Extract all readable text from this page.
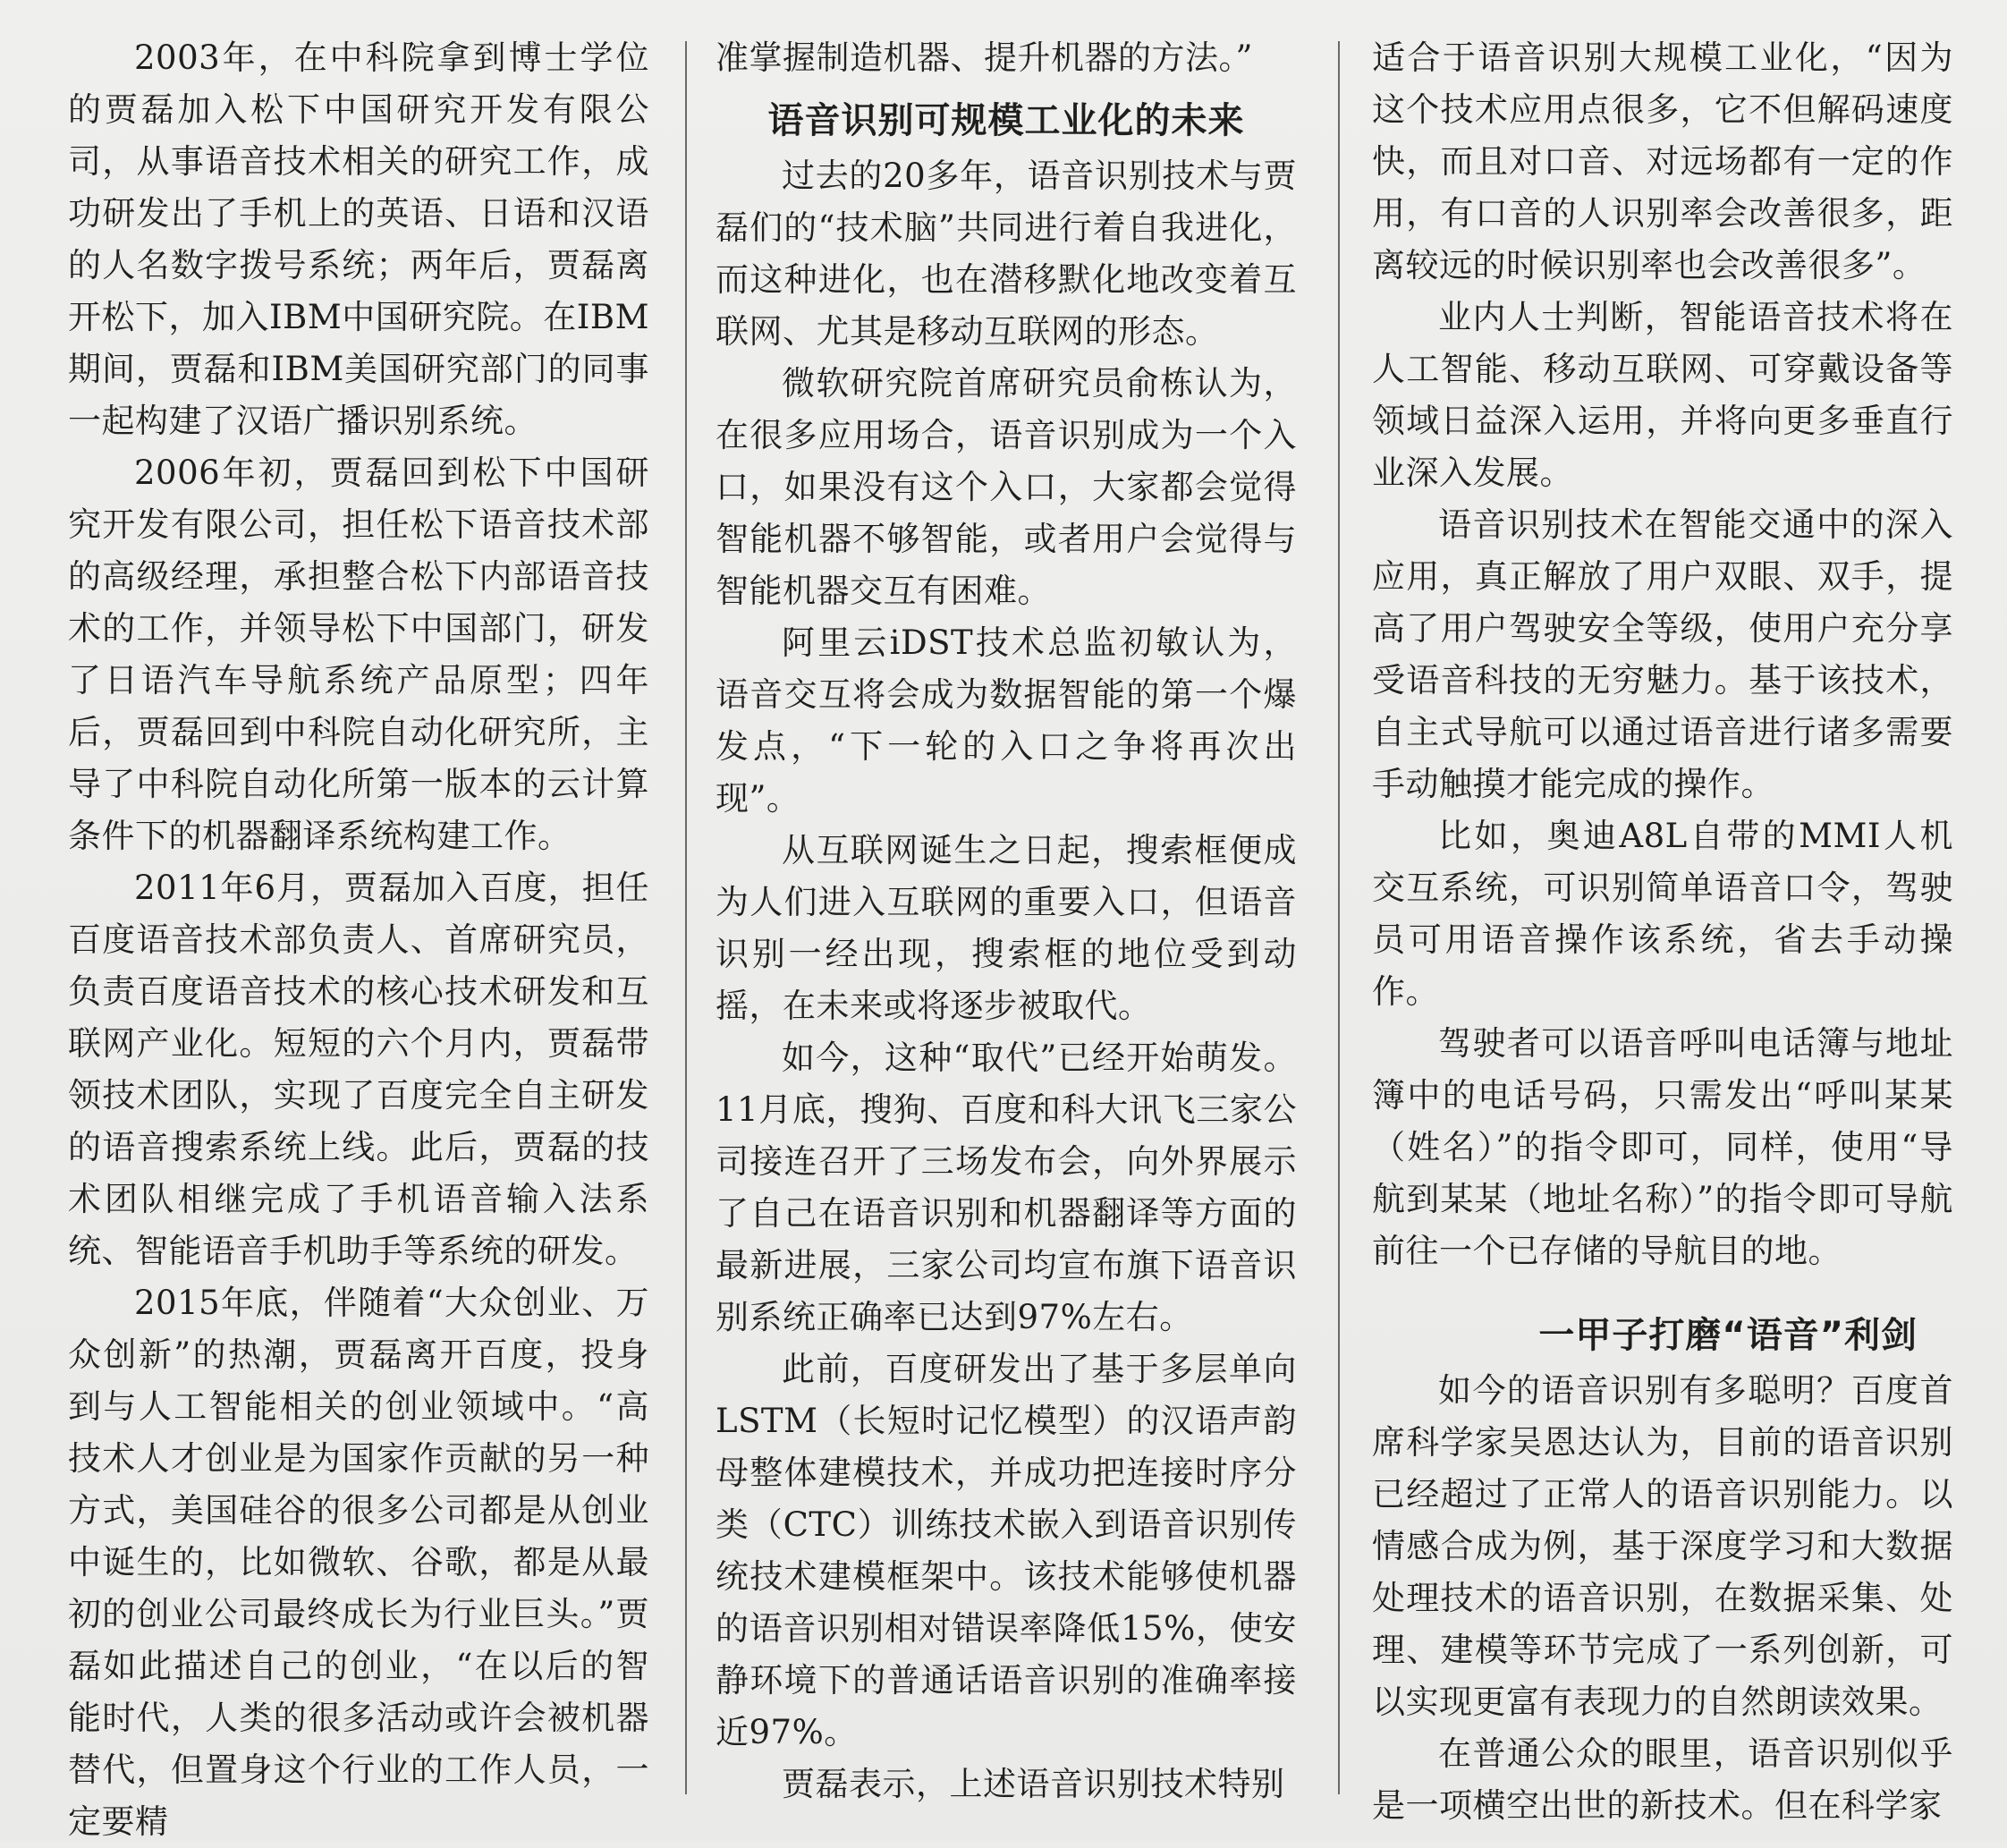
2003年，在中科院拿到博士学位的贾磊加入松下中国研究开发有限公司，从事语音技术相关的研究工作，成功研发出了手机上的英语、日语和汉语的人名数字拨号系统；两年后，贾磊离开松下，加入IBM中国研究院。在IBM期间，贾磊和IBM美国研究部门的同事一起构建了汉语广播识别系统。

2006年初，贾磊回到松下中国研究开发有限公司，担任松下语音技术部的高级经理，承担整合松下内部语音技术的工作，并领导松下中国部门，研发了日语汽车导航系统产品原型；四年后，贾磊回到中科院自动化研究所，主导了中科院自动化所第一版本的云计算条件下的机器翻译系统构建工作。

2011年6月，贾磊加入百度，担任百度语音技术部负责人、首席研究员，负责百度语音技术的核心技术研发和互联网产业化。短短的六个月内，贾磊带领技术团队，实现了百度完全自主研发的语音搜索系统上线。此后，贾磊的技术团队相继完成了手机语音输入法系统、智能语音手机助手等系统的研发。

2015年底，伴随着“大众创业、万众创新”的热潮，贾磊离开百度，投身到与人工智能相关的创业领域中。“高技术人才创业是为国家作贡献的另一种方式，美国硅谷的很多公司都是从创业中诞生的，比如微软、谷歌，都是从最初的创业公司最终成长为行业巨头。”贾磊如此描述自己的创业，“在以后的智能时代，人类的很多活动或许会被机器替代，但置身这个行业的工作人员，一定要精

准掌握制造机器、提升机器的方法。”

语音识别可规模工业化的未来

过去的20多年，语音识别技术与贾磊们的“技术脑”共同进行着自我进化，而这种进化，也在潜移默化地改变着互联网、尤其是移动互联网的形态。

微软研究院首席研究员俞栋认为，在很多应用场合，语音识别成为一个入口，如果没有这个入口，大家都会觉得智能机器不够智能，或者用户会觉得与智能机器交互有困难。

阿里云iDST技术总监初敏认为，语音交互将会成为数据智能的第一个爆发点，“下一轮的入口之争将再次出现”。

从互联网诞生之日起，搜索框便成为人们进入互联网的重要入口，但语音识别一经出现，搜索框的地位受到动摇，在未来或将逐步被取代。

如今，这种“取代”已经开始萌发。11月底，搜狗、百度和科大讯飞三家公司接连召开了三场发布会，向外界展示了自己在语音识别和机器翻译等方面的最新进展，三家公司均宣布旗下语音识别系统正确率已达到97%左右。

此前，百度研发出了基于多层单向LSTM（长短时记忆模型）的汉语声韵母整体建模技术，并成功把连接时序分类（CTC）训练技术嵌入到语音识别传统技术建模框架中。该技术能够使机器的语音识别相对错误率降低15%，使安静环境下的普通话语音识别的准确率接近97%。

贾磊表示，上述语音识别技术特别

适合于语音识别大规模工业化，“因为这个技术应用点很多，它不但解码速度快，而且对口音、对远场都有一定的作用，有口音的人识别率会改善很多，距离较远的时候识别率也会改善很多”。

业内人士判断，智能语音技术将在人工智能、移动互联网、可穿戴设备等领域日益深入运用，并将向更多垂直行业深入发展。

语音识别技术在智能交通中的深入应用，真正解放了用户双眼、双手，提高了用户驾驶安全等级，使用户充分享受语音科技的无穷魅力。基于该技术，自主式导航可以通过语音进行诸多需要手动触摸才能完成的操作。

比如，奥迪A8L自带的MMI人机交互系统，可识别简单语音口令，驾驶员可用语音操作该系统，省去手动操作。

驾驶者可以语音呼叫电话簿与地址簿中的电话号码，只需发出“呼叫某某（姓名）”的指令即可，同样，使用“导航到某某（地址名称）”的指令即可导航前往一个已存储的导航目的地。

一甲子打磨“语音”利剑

如今的语音识别有多聪明？百度首席科学家吴恩达认为，目前的语音识别已经超过了正常人的语音识别能力。以情感合成为例，基于深度学习和大数据处理技术的语音识别，在数据采集、处理、建模等环节完成了一系列创新，可以实现更富有表现力的自然朗读效果。

在普通公众的眼里，语音识别似乎是一项横空出世的新技术。但在科学家
